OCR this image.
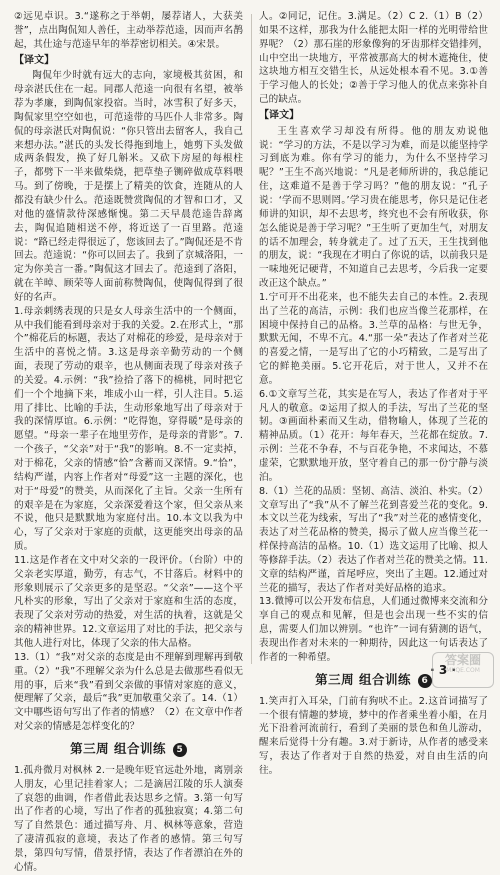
②远见卓识。3.“遂称之于举朝，屡荐诸人，大获美誉”，点出陶侃知人善任，主动举荐范逵，因而声名鹊起，其仕途与范逵早年的举荐密切相关。④宋景。

【译文】

陶侃年少时就有远大的志向，家境极其贫困，和母亲湛氏住在一起。同郡人范逵一向很有名望，被举荐为孝廉，到陶侃家投宿。当时，冰雪积了好多天，陶侃家里空空如也，可范逵带的马匹仆人非常多。陶侃的母亲湛氏对陶侃说：“你只管出去留客人，我自己来想办法。”湛氏的头发长得拖到地上，她剪下头发做成两条假发，换了好几斛米。又砍下房屋的每根柱子，都劈下一半来做柴烧，把草垫子铡碎做成草料喂马。到了傍晚，于是摆上了精美的饮食，连随从的人都没有缺少什么。范逵既赞赏陶侃的才智和口才，又对他的盛情款待深感惭愧。第二天早晨范逵告辞离去，陶侃追随相送不停，将近送了一百里路。范逵说：“路已经走得很远了，您该回去了。”陶侃还是不肯回去。范逵说：“你可以回去了。我到了京城洛阳，一定为你美言一番。”陶侃这才回去了。范逵到了洛阳，就在羊晫、顾荣等人面前称赞陶侃，使陶侃得到了很好的名声。

1.母亲刺绣表现的只是女人母亲生活中的一个侧面，从中我们能看到母亲对于我的关爱。2.在形式上，“那个”棉花后的标题，表达了对棉花的珍爱，是母亲对于生活中的喜悦之情。3.这是母亲辛勤劳动的一个侧面，表现了劳动的艰辛，也从侧面表现了母亲对孩子的关爱。4.示例：“我”捡拾了落下的棉桃，同时把它们一个个地摘下来，堆成小山一样，引人注目。5.运用了排比、比喻的手法，生动形象地写出了母亲对于我的深情厚谊。6.示例：“吃得饱，穿得暖”是母亲的愿望。“母亲一辈子在地里劳作，是母亲的背影”。7.一个孩子，“父亲”对于“我”的影响。8.不一定卖掉，对于棉花，父亲的情感“恰”含蓄而又深情。9.“恰”，结构严谨，内容上作者对“母爱”这一主题的深化，也对于“母爱”的赞美，从而深化了主旨。父亲一生所有的艰辛是在为家庭，父亲深爱着这个家，但父亲从来不说，他只是默默地为家庭付出。10.本文以我为中心，写了父亲对于家庭的贡献，这更能突出母亲的品质。

11.这是作者在文中对父亲的一段评价。（台阶）中的父亲老实厚道，勤劳，有志气，不甘落后。材料中的形象则展示了父亲更多的是坚忍。“父亲”——这个平凡朴实的形象，写出了父亲对于家庭和生活的态度，表现了父亲对劳动的热爱，对生活的执着，这就是父亲的精神世界。12.文章运用了对比的手法，把父亲与其他人进行对比，体现了父亲的伟大品格。

13.（1）“我”对父亲的态度是由不理解到理解再到敬重。（2）“我”不理解父亲为什么总是去做那些看似无用的事，后来“我”看到父亲做的事情对家庭的意义，便理解了父亲，最后“我”更加敬重父亲了。14.（1）文中哪些语句写出了作者的情感？（2）在文章中作者对父亲的情感是怎样变化的？

第三周 组合训练 5

1.孤舟微月对枫林 2.一是晚年贬官远赴外地，离别亲人朋友，心里记挂着家人；二是滴居江陵的乐人演奏了哀怨的曲调，作者借此表达思乡之情。3.第一句写出了作者的心境，写出了作者的孤独寂寞；4.第二句写了自然景色：通过描写舟、月、枫林等意象，营造了凄清孤寂的意境，表达了作者的感情。第三句写景，第四句写情，借景抒情，表达了作者漂泊在外的心情。

人。②同记，记住。3.满足。（2）C 2.（1）B（2）如果不这样，那我为什么能把太阳一样的光明带给世界呢？（2）那石崖的形象像狗的牙齿那样交错排列，山中空出一块地方，平常被那高大的树木遮掩住，使这块地方相互交错生长，从远处根本看不见。3.①善于学习他人的长处；②善于学习他人的优点来弥补自己的缺点。

【译文】

王生喜欢学习却没有所得。他的朋友劝说他说：“学习的方法，不是以学习为难，而是以能坚持学习到底为难。你有学习的能力，为什么不坚持学习呢？”王生不高兴地说：“凡是老师所讲的，我总能记住，这难道不是善于学习吗？”他的朋友说：“孔子说：‘学而不思则罔。’学习贵在能思考，你只是记住老师讲的知识，却不去思考，终究也不会有所收获，你怎么能说是善于学习呢？”王生听了更加生气，对朋友的话不加理会，转身就走了。过了五天，王生找到他的朋友，说：“我现在才明白了你说的话，以前我只是一味地死记硬背，不知道自己去思考，今后我一定要改正这个缺点。”

1.宁可开不出花来，也不能失去自己的本性。2.表现出了兰花的高洁，示例：我们也应当像兰花那样，在困境中保持自己的品格。3.兰草的品格：与世无争，默默无闻，不卑不亢。4.“那一朵”表达了作者对兰花的喜爱之情，一是写出了它的小巧精致，二是写出了它的鲜艳美丽。5.它开花后，对于世人，又并不在意。

6.①文章写兰花，其实是在写人，表达了作者对于平凡人的敬意。②运用了拟人的手法，写出了兰花的坚韧。③画面朴素而又生动，借物喻人，体现了兰花的精神品质。（1）花开：每年春天，兰花都在绽放。7.示例：兰花不争春，不与百花争艳，不求闻达，不慕虚荣，它默默地开放，坚守着自己的那一份宁静与淡泊。

8.（1）兰花的品质：坚韧、高洁、淡泊、朴实。（2）文章写出了“我”从不了解兰花到喜爱兰花的变化。9.本文以兰花为线索，写出了“我”对兰花的感情变化，表达了对兰花品格的赞美，揭示了做人应当像兰花一样保持高洁的品格。10.（1）选文运用了比喻、拟人等修辞手法。（2）表达了作者对兰花的赞美之情。11.文章的结构严谨，首尾呼应，突出了主题。12.通过对兰花的描写，表达了作者对美好品格的追求。

13.微博可以公开发布信息，人们通过微博来交流和分享自己的观点和见解，但是也会出现一些不实的信息，需要人们加以辨别。“也许”一词有猜测的语气，表现出作者对未来的一种期待，因此这一句话表达了作者的一种希望。

第三周 组合训练 6

1.笑声打入耳朵，门前有狗吠不止。2.这首词描写了一个很有情趣的梦境，梦中的作者乘坐着小船，在月光下沿着河流前行，看到了美丽的景色和鱼儿游动，醒来后觉得十分有趣。3.对于新诗，从作者的感受来写，表达了作者对于自然的热爱，对自由生活的向往。

· 3 ·
答案圈
MXQE.COM
